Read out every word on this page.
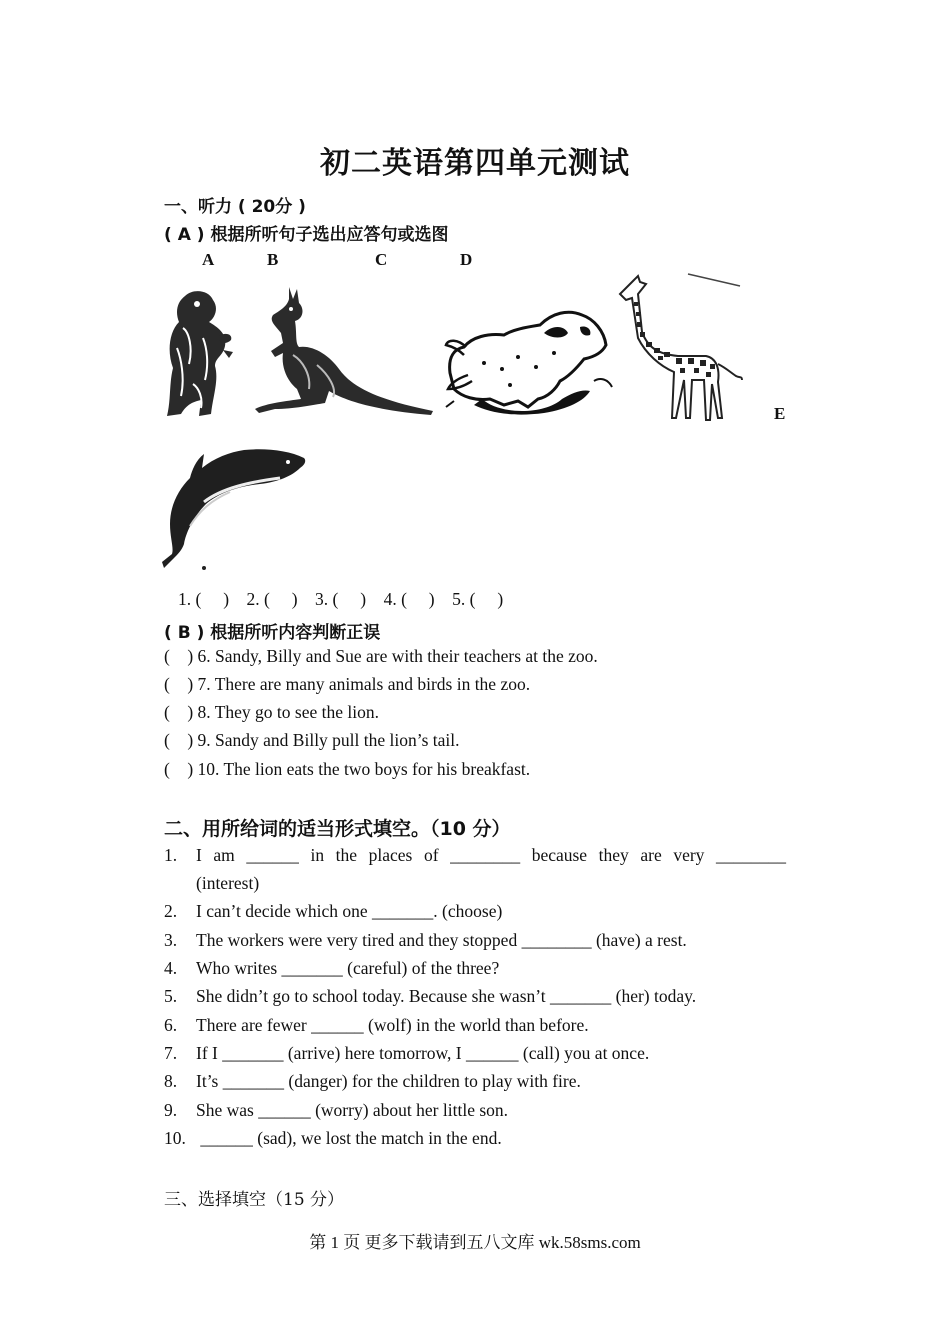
初二英语第四单元测试
一、听力 ( 20分 )
( A ) 根据所听句子选出应答句或选图
A	B	C	D
E
1. (     )    2. (     )    3. (     )    4. (     )    5. (     )
( B ) 根据所听内容判断正误
(    ) 6. Sandy, Billy and Sue are with their teachers at the zoo.
(    ) 7. There are many animals and birds in the zoo.
(    ) 8. They go to see the lion.
(    ) 9. Sandy and Billy pull the lion’s tail.
(    ) 10. The lion eats the two boys for his breakfast.
二、用所给词的适当形式填空。（10 分）
1. I am ______ in the places of ________ because they are very ________
(interest)
2. I can’t decide which one _______. (choose)
3. The workers were very tired and they stopped ________ (have) a rest.
4. Who writes _______ (careful) of the three?
5. She didn’t go to school today. Because she wasn’t _______ (her) today.
6. There are fewer ______ (wolf) in the world than before.
7. If I _______ (arrive) here tomorrow, I ______ (call) you at once.
8. It’s _______ (danger) for the children to play with fire.
9. She was ______ (worry) about her little son.
10. ______ (sad), we lost the match in the end.
三、选择填空（15 分）
第 1 页 更多下载请到五八文库 wk.58sms.com
